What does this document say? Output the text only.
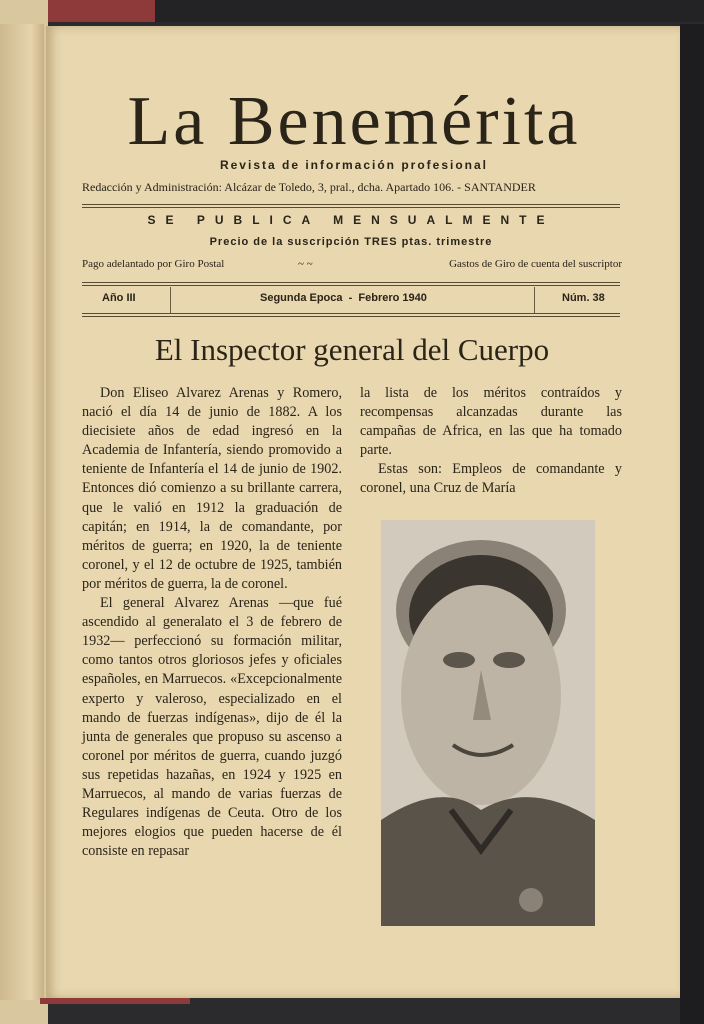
La Benemérita
Revista de información profesional
Redacción y Administración: Alcázar de Toledo, 3, pral., dcha. Apartado 106. - SANTANDER
SE PUBLICA MENSUALMENTE
Precio de la suscripción TRES ptas. trimestre
Pago adelantado por Giro Postal	~ ~	Gastos de Giro de cuenta del suscriptor
Año III	Segunda Epoca  -  Febrero 1940	Núm. 38
El Inspector general del Cuerpo

Don Eliseo Alvarez Arenas y Romero, nació el día 14 de junio de 1882. A los diecisiete años de edad ingresó en la Academia de Infantería, siendo promovido a teniente de Infantería el 14 de junio de 1902. Entonces dió comienzo a su brillante carrera, que le valió en 1912 la graduación de capitán; en 1914, la de comandante, por méritos de guerra; en 1920, la de teniente coronel, y el 12 de octubre de 1925, también por méritos de guerra, la de coronel.

El general Alvarez Arenas —que fué ascendido al generalato el 3 de febrero de 1932— perfeccionó su formación militar, como tantos otros gloriosos jefes y oficiales españoles, en Marruecos. «Excepcionalmente experto y valeroso, especializado en el mando de fuerzas indígenas», dijo de él la junta de generales que propuso su ascenso a coronel por méritos de guerra, cuando juzgó sus repetidas hazañas, en 1924 y 1925 en Marruecos, al mando de varias fuerzas de Regulares indígenas de Ceuta. Otro de los mejores elogios que pueden hacerse de él consiste en repasar

la lista de los méritos contraídos y recompensas alcanzadas durante las campañas de Africa, en las que ha tomado parte.

Estas son: Empleos de comandante y coronel, una Cruz de María
